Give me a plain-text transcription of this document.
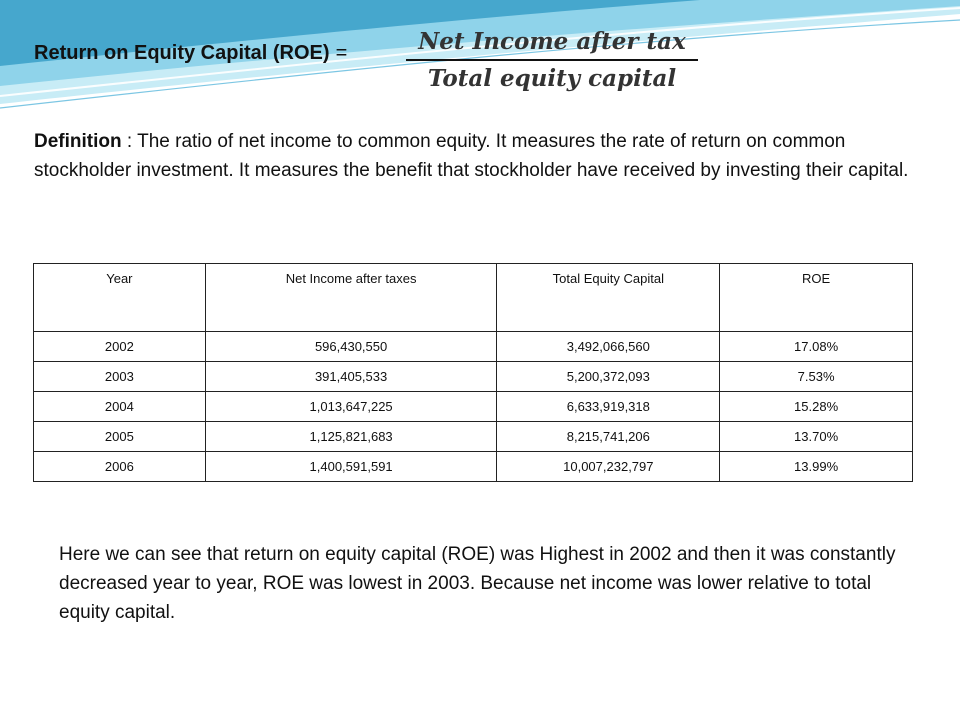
Return on Equity Capital (ROE) =	Net Income after tax
Total equity capital
Definition : The ratio of net income to common equity. It measures the rate of return on common stockholder investment. It measures the benefit that stockholder have received by investing their capital.
Year	Net Income after taxes	Total Equity Capital	ROE
2002	596,430,550	3,492,066,560	17.08%
2003	391,405,533	5,200,372,093	7.53%
2004	1,013,647,225	6,633,919,318	15.28%
2005	1,125,821,683	8,215,741,206	13.70%
2006	1,400,591,591	10,007,232,797	13.99%
Here we can see that return on equity capital (ROE) was Highest in 2002 and then it was constantly decreased year to year, ROE was lowest in 2003. Because net income was lower relative to total equity capital.
